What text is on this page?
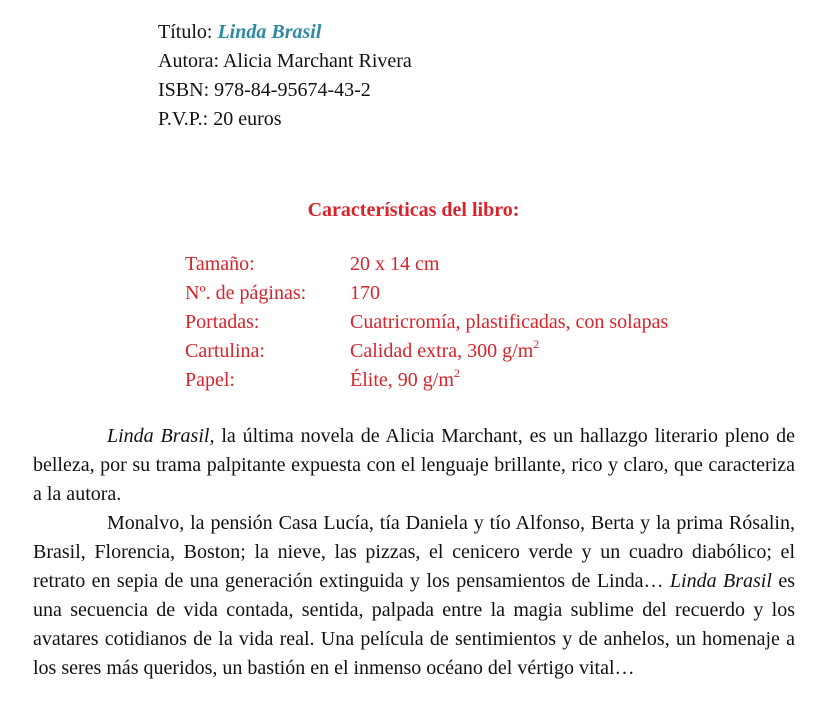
Título: Linda Brasil
Autora: Alicia Marchant Rivera
ISBN: 978-84-95674-43-2
P.V.P.: 20 euros
Características del libro:
Tamaño:	20 x 14 cm
Nº. de páginas:	170
Portadas:	Cuatricromía, plastificadas, con solapas
Cartulina:	Calidad extra, 300 $g/m^2$
Papel:	Élite, 90 $g/m^2$

Linda Brasil, la última novela de Alicia Marchant, es un hallazgo literario pleno de belleza, por su trama palpitante expuesta con el lenguaje brillante, rico y claro, que caracteriza a la autora.

Monalvo, la pensión Casa Lucía, tía Daniela y tío Alfonso, Berta y la prima Rósalin, Brasil, Florencia, Boston; la nieve, las pizzas, el cenicero verde y un cuadro diabólico; el retrato en sepia de una generación extinguida y los pensamientos de Linda… Linda Brasil es una secuencia de vida contada, sentida, palpada entre la magia sublime del recuerdo y los avatares cotidianos de la vida real. Una película de sentimientos y de anhelos, un homenaje a los seres más queridos, un bastión en el inmenso océano del vértigo vital…
